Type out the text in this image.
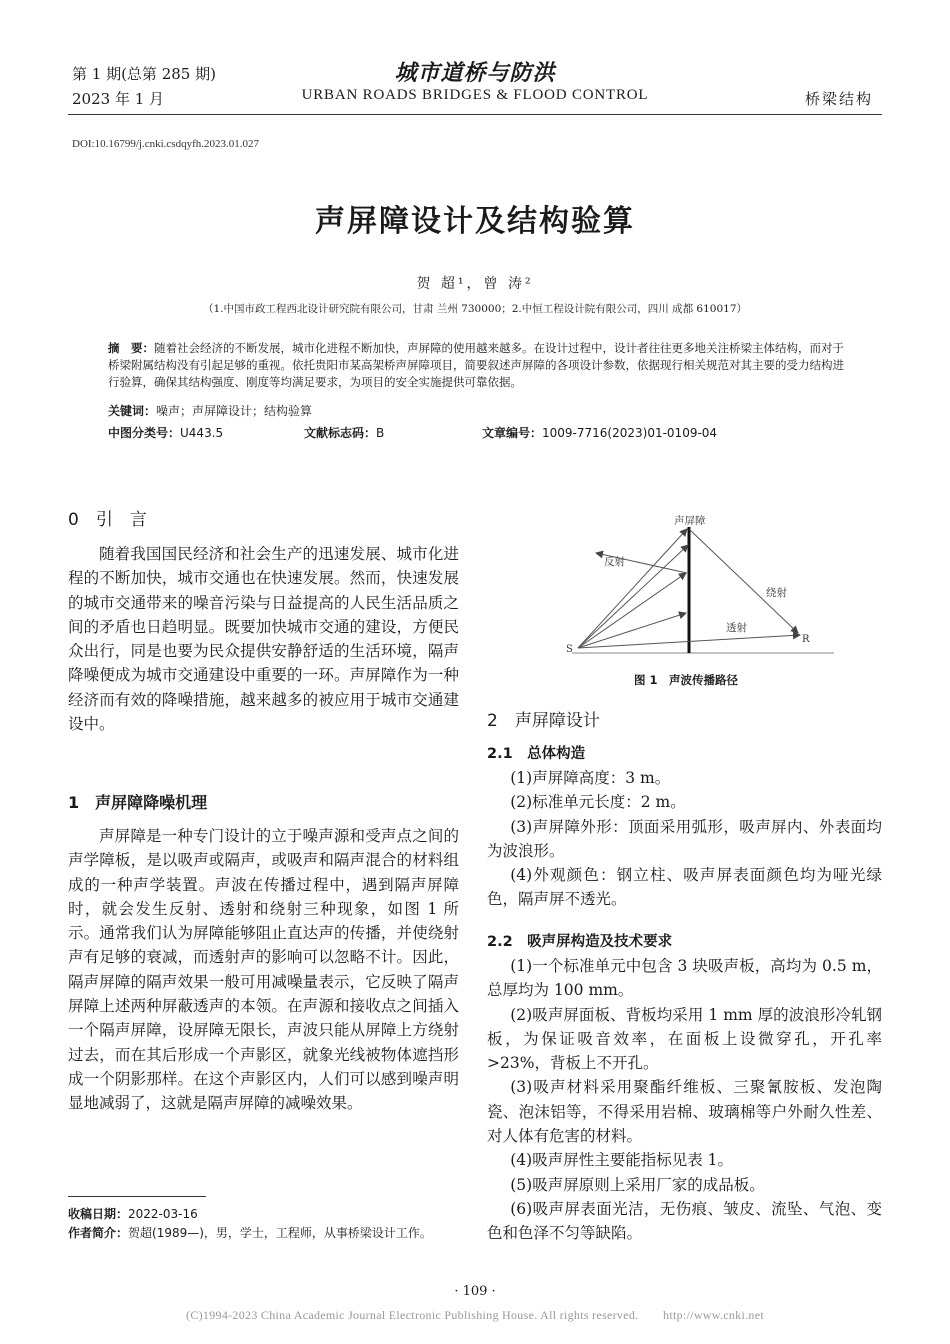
第 1 期(总第 285 期)
2023 年 1 月
城市道桥与防洪
URBAN ROADS BRIDGES & FLOOD CONTROL	桥梁结构
DOI:10.16799/j.cnki.csdqyfh.2023.01.027
声屏障设计及结构验算
贺 超¹，曾 涛²
（1.中国市政工程西北设计研究院有限公司，甘肃 兰州 730000；2.中恒工程设计院有限公司，四川 成都 610017）
摘　要：随着社会经济的不断发展，城市化进程不断加快，声屏障的使用越来越多。在设计过程中，设计者往往更多地关注桥梁主体结构，而对于桥梁附属结构没有引起足够的重视。依托贵阳市某高架桥声屏障项目，简要叙述声屏障的各项设计参数，依据现行相关规范对其主要的受力结构进行验算，确保其结构强度、刚度等均满足要求，为项目的安全实施提供可靠依据。
关键词：噪声；声屏障设计；结构验算
中图分类号：U443.5	文献标志码：B	文章编号：1009-7716(2023)01-0109-04
0　引　言

随着我国国民经济和社会生产的迅速发展、城市化进程的不断加快，城市交通也在快速发展。然而，快速发展的城市交通带来的噪音污染与日益提高的人民生活品质之间的矛盾也日趋明显。既要加快城市交通的建设，方便民众出行，同是也要为民众提供安静舒适的生活环境，隔声降噪便成为城市交通建设中重要的一环。声屏障作为一种经济而有效的降噪措施，越来越多的被应用于城市交通建设中。

1　声屏障降噪机理

声屏障是一种专门设计的立于噪声源和受声点之间的声学障板，是以吸声或隔声，或吸声和隔声混合的材料组成的一种声学装置。声波在传播过程中，遇到隔声屏障时，就会发生反射、透射和绕射三种现象，如图 1 所示。通常我们认为屏障能够阻止直达声的传播，并使绕射声有足够的衰减，而透射声的影响可以忽略不计。因此，隔声屏障的隔声效果一般可用减噪量表示，它反映了隔声屏障上述两种屏蔽透声的本领。在声源和接收点之间插入一个隔声屏障，设屏障无限长，声波只能从屏障上方绕射过去，而在其后形成一个声影区，就象光线被物体遮挡形成一个阴影那样。在这个声影区内，人们可以感到噪声明显地减弱了，这就是隔声屏障的减噪效果。

收稿日期：2022-03-16
作者简介：贺超(1989—)，男，学士，工程师，从事桥梁设计工作。
声屏障
反射
绕射
透射
S
R
图 1　声波传播路径
2　声屏障设计
2.1　总体构造

(1)声屏障高度：3 m。

(2)标准单元长度：2 m。

(3)声屏障外形：顶面采用弧形，吸声屏内、外表面均为波浪形。

(4)外观颜色：钢立柱、吸声屏表面颜色均为哑光绿色，隔声屏不透光。

2.2　吸声屏构造及技术要求

(1)一个标准单元中包含 3 块吸声板，高均为 0.5 m，总厚均为 100 mm。

(2)吸声屏面板、背板均采用 1 mm 厚的波浪形冷轧钢板，为保证吸音效率，在面板上设微穿孔，开孔率>23%，背板上不开孔。

(3)吸声材料采用聚酯纤维板、三聚氰胺板、发泡陶瓷、泡沫铝等，不得采用岩棉、玻璃棉等户外耐久性差、对人体有危害的材料。

(4)吸声屏性主要能指标见表 1。

(5)吸声屏原则上采用厂家的成品板。

(6)吸声屏表面光洁，无伤痕、皱皮、流坠、气泡、变色和色泽不匀等缺陷。

· 109 ·
(C)1994-2023 China Academic Journal Electronic Publishing House. All rights reserved.　　http://www.cnki.net
